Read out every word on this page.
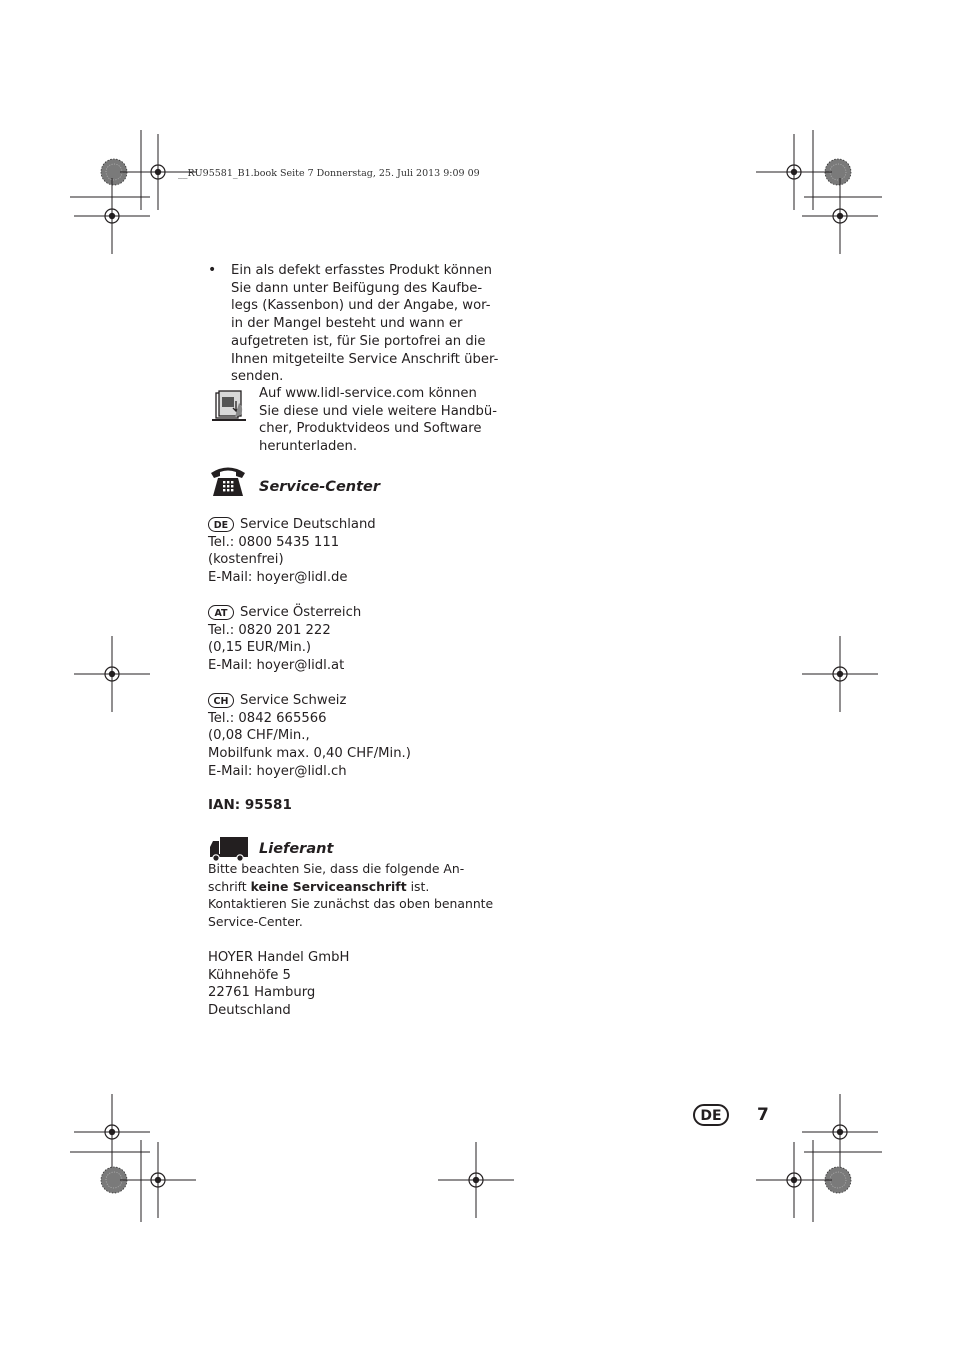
__RU95581_B1.book Seite 7 Donnerstag, 25. Juli 2013 9:09 09
• Ein als defekt erfasstes Produkt können
Sie dann unter Beifügung des Kaufbe-
legs (Kassenbon) und der Angabe, wor-
in der Mangel besteht und wann er
aufgetreten ist, für Sie portofrei an die
Ihnen mitgeteilte Service Anschrift über-
senden.
Auf www.lidl-service.com können
Sie diese und viele weitere Handbü-
cher, Produktvideos und Software
herunterladen.
Service-Center
DE Service Deutschland
Tel.: 0800 5435 111
(kostenfrei)
E-Mail: hoyer@lidl.de
AT Service Österreich
Tel.: 0820 201 222
(0,15 EUR/Min.)
E-Mail: hoyer@lidl.at
CH Service Schweiz
Tel.: 0842 665566
(0,08 CHF/Min.,
Mobilfunk max. 0,40 CHF/Min.)
E-Mail: hoyer@lidl.ch
IAN: 95581
Lieferant
Bitte beachten Sie, dass die folgende An-
schrift keine Serviceanschrift ist.
Kontaktieren Sie zunächst das oben benannte
Service-Center.
HOYER Handel GmbH
Kühnehöfe 5
22761 Hamburg
Deutschland
DE	7
